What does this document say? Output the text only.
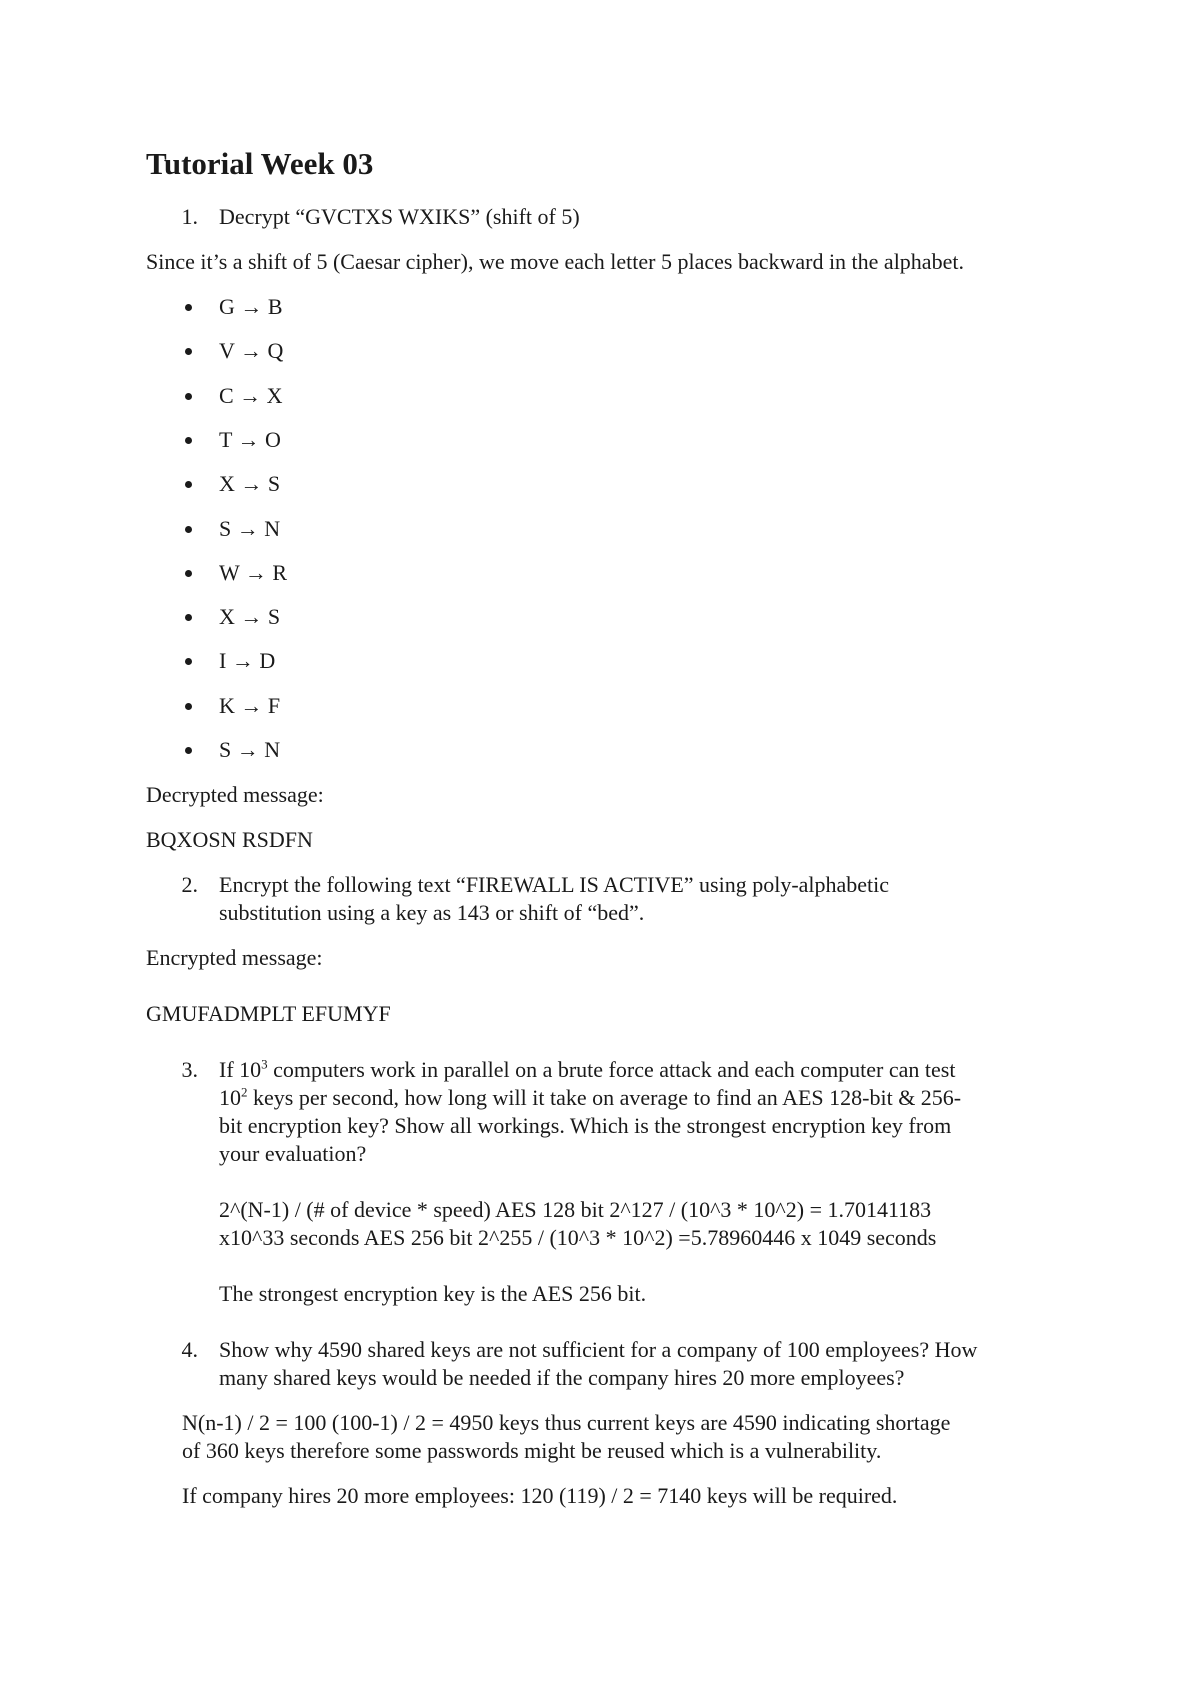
Tutorial Week 03
1. Decrypt “GVCTXS WXIKS” (shift of 5)
Since it’s a shift of 5 (Caesar cipher), we move each letter 5 places backward in the alphabet.
G → B
V → Q
C → X
T → O
X → S
S → N
W → R
X → S
I → D
K → F
S → N
Decrypted message:
BQXOSN RSDFN
2. Encrypt the following text “FIREWALL IS ACTIVE” using poly-alphabetic
substitution using a key as 143 or shift of “bed”.
Encrypted message:
GMUFADMPLT EFUMYF
3. If $10^3$ computers work in parallel on a brute force attack and each computer can test
$10^2$ keys per second, how long will it take on average to find an AES 128-bit & 256-
bit encryption key? Show all workings. Which is the strongest encryption key from
your evaluation?
2^(N-1) / (# of device * speed) AES 128 bit 2^127 / (10^3 * 10^2) = 1.70141183
x10^33 seconds AES 256 bit 2^255 / (10^3 * 10^2) =5.78960446 x 1049 seconds
The strongest encryption key is the AES 256 bit.
4. Show why 4590 shared keys are not sufficient for a company of 100 employees? How
many shared keys would be needed if the company hires 20 more employees?
N(n-1) / 2 = 100 (100-1) / 2 = 4950 keys thus current keys are 4590 indicating shortage
of 360 keys therefore some passwords might be reused which is a vulnerability.
If company hires 20 more employees: 120 (119) / 2 = 7140 keys will be required.
